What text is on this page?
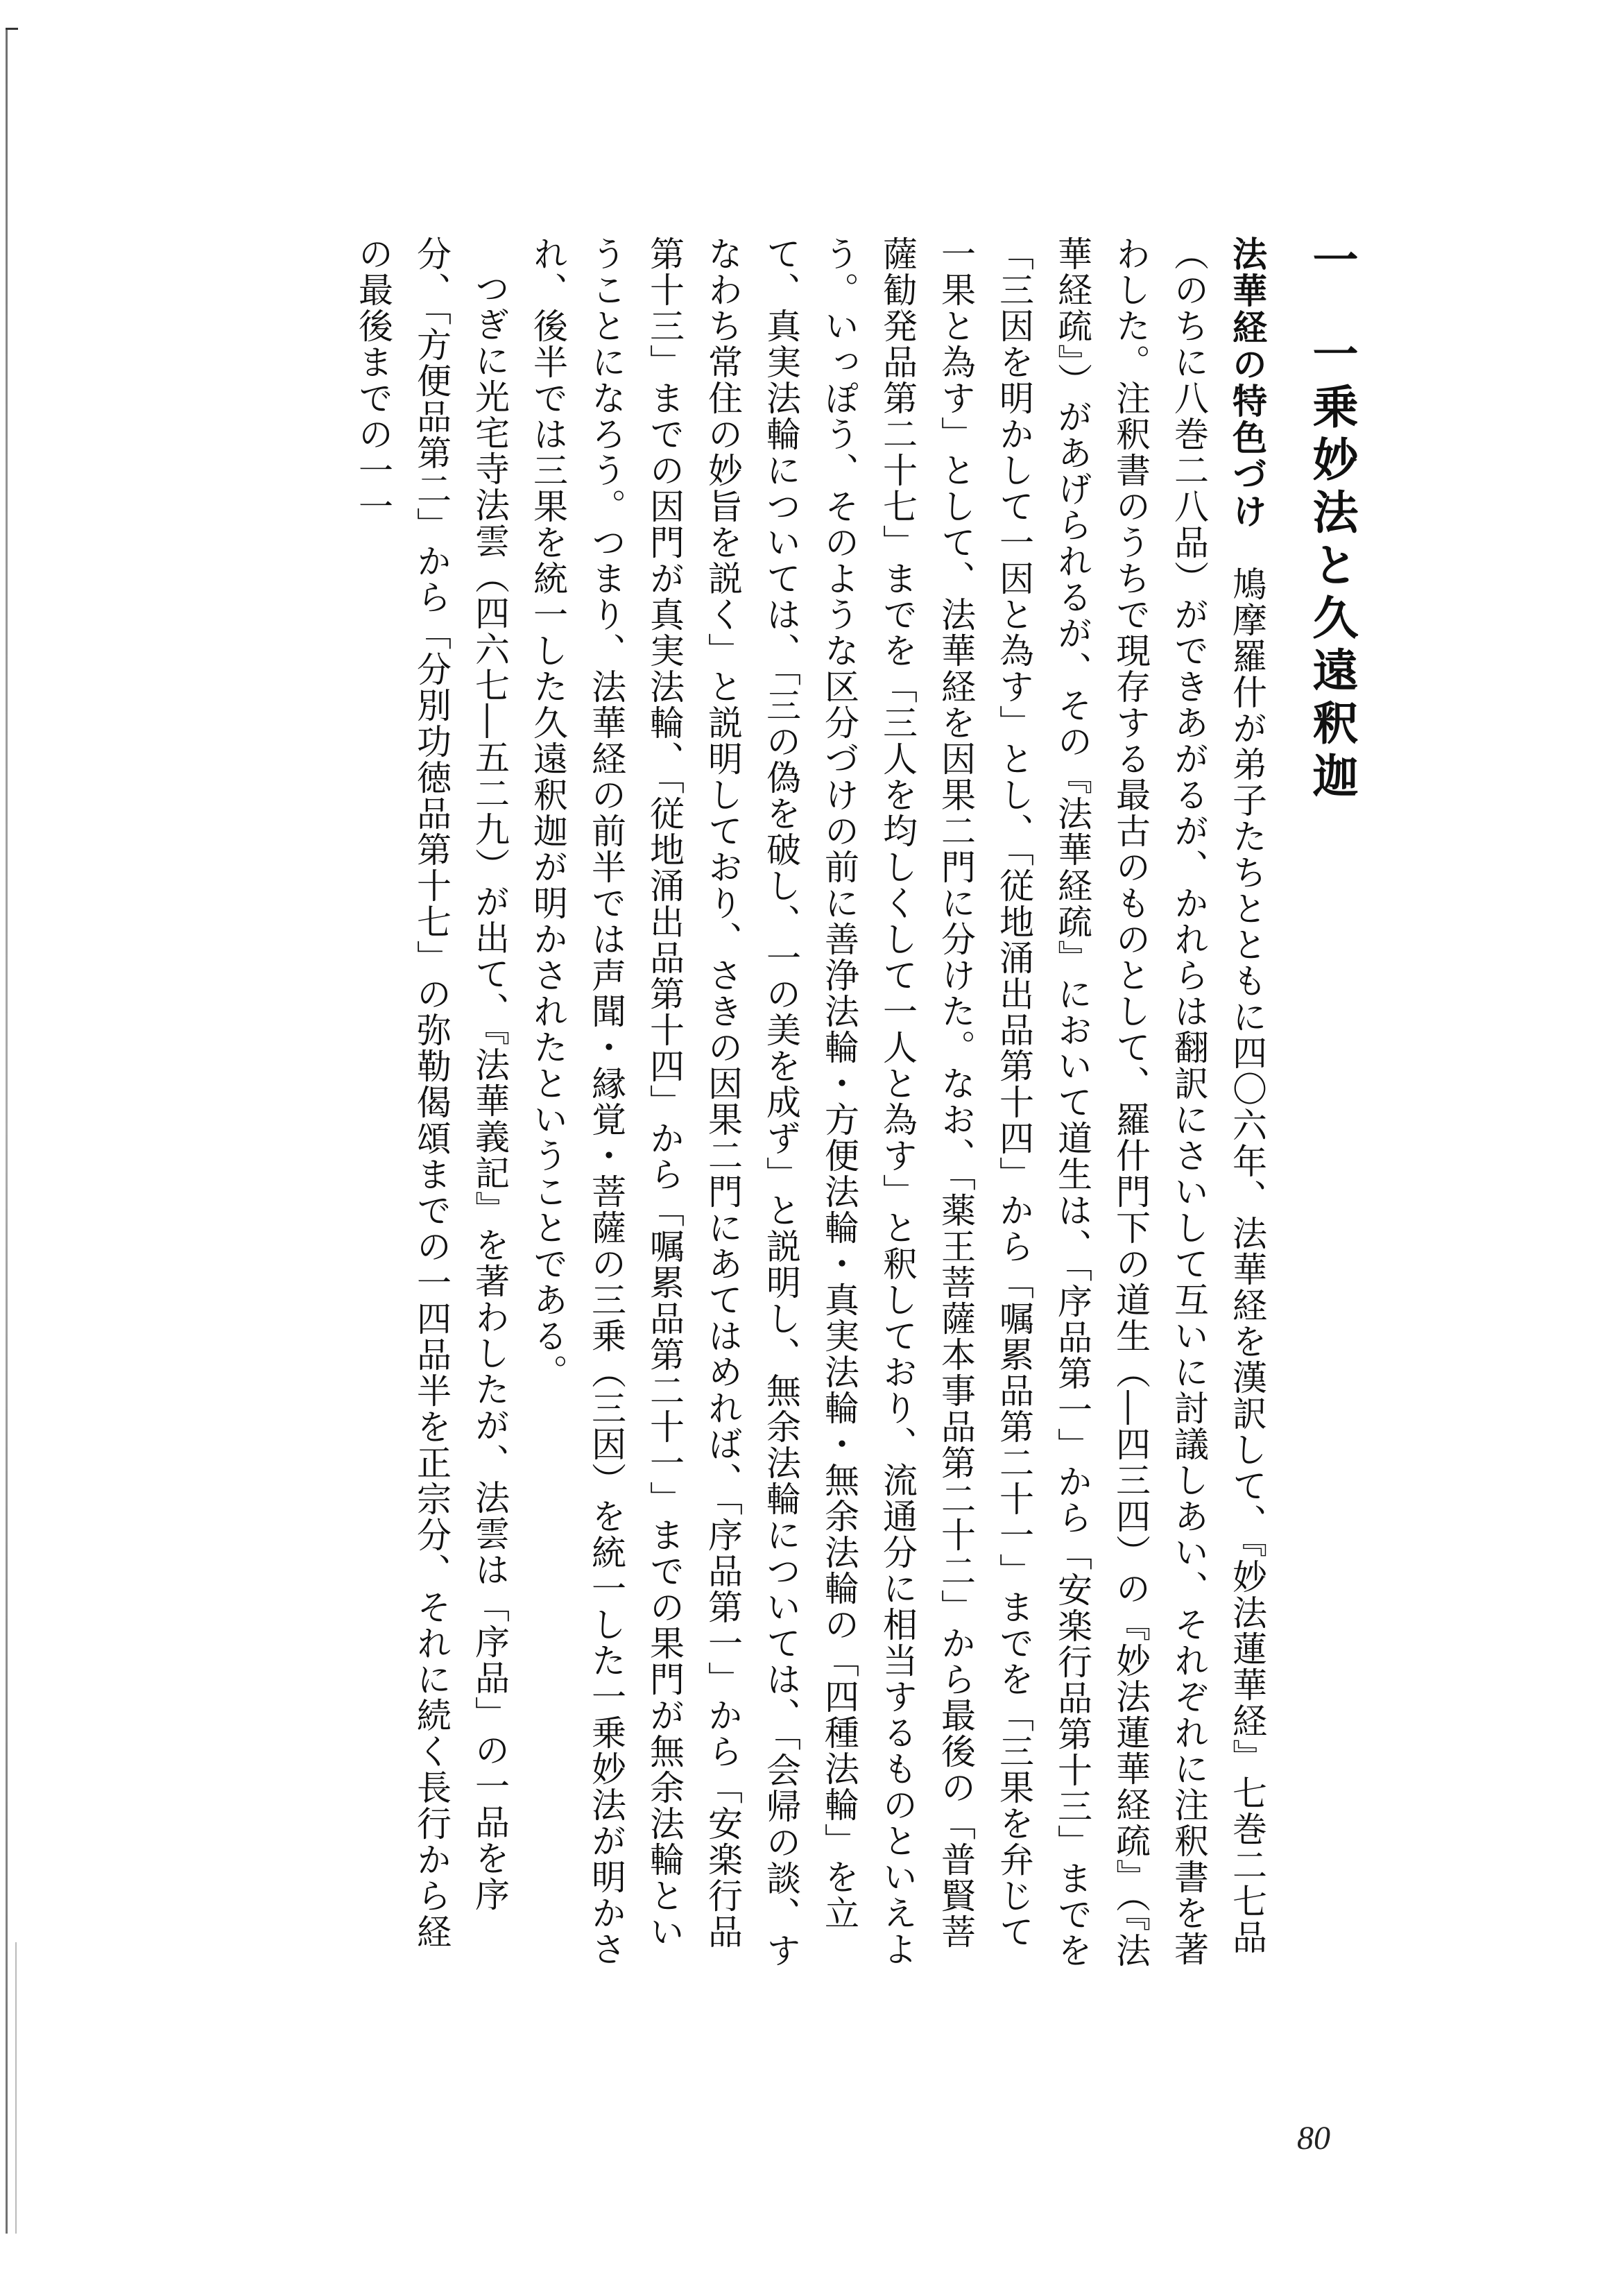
一一乗妙法と久遠釈迦

法華経の特色づけ　鳩摩羅什が弟子たちとともに四〇六年、法華経を漢訳して、『妙法蓮華経』七巻二七品（のちに八巻二八品）ができあがるが、かれらは翻訳にさいして互いに討議しあい、それぞれに注釈書を著わした。注釈書のうちで現存する最古のものとして、羅什門下の道生（―四三四）の『妙法蓮華経疏』（『法華経疏』）があげられるが、その『法華経疏』において道生は、「序品第一」から「安楽行品第十三」までを「三因を明かして一因と為す」とし、「従地涌出品第十四」から「嘱累品第二十一」までを「三果を弁じて一果と為す」として、法華経を因果二門に分けた。なお、「薬王菩薩本事品第二十二」から最後の「普賢菩薩勧発品第二十七」までを「三人を均しくして一人と為す」と釈しており、流通分に相当するものといえよう。いっぽう、そのような区分づけの前に善浄法輪・方便法輪・真実法輪・無余法輪の「四種法輪」を立て、真実法輪については、「三の偽を破し、一の美を成ず」と説明し、無余法輪については、「会帰の談、すなわち常住の妙旨を説く」と説明しており、さきの因果二門にあてはめれば、「序品第一」から「安楽行品第十三」までの因門が真実法輪、「従地涌出品第十四」から「嘱累品第二十一」までの果門が無余法輪ということになろう。つまり、法華経の前半では声聞・縁覚・菩薩の三乗（三因）を統一した一乗妙法が明かされ、後半では三果を統一した久遠釈迦が明かされたということである。

つぎに光宅寺法雲（四六七―五二九）が出て、『法華義記』を著わしたが、法雲は「序品」の一品を序分、「方便品第二」から「分別功徳品第十七」の弥勒偈頌までの一四品半を正宗分、それに続く長行から経の最後までの一一

80
